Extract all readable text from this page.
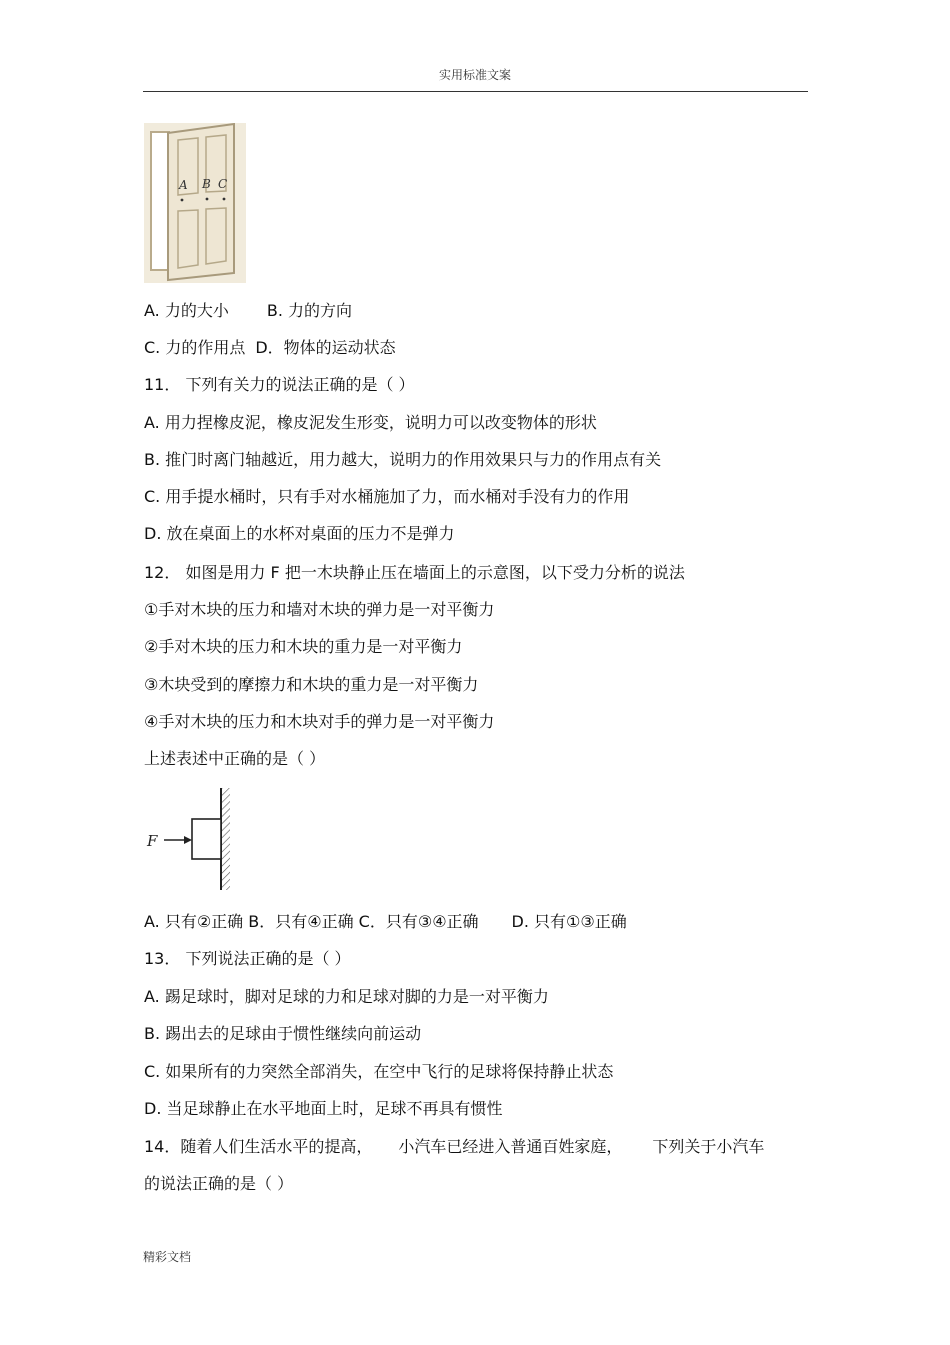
实用标准文案
A B C
A. 力的大小 B. 力的方向
C. 力的作用点 D．物体的运动状态
11． 下列有关力的说法正确的是（ ）
A. 用力捏橡皮泥，橡皮泥发生形变，说明力可以改变物体的形状
B. 推门时离门轴越近，用力越大，说明力的作用效果只与力的作用点有关
C. 用手提水桶时，只有手对水桶施加了力，而水桶对手没有力的作用
D. 放在桌面上的水杯对桌面的压力不是弹力
12． 如图是用力 F 把一木块静止压在墙面上的示意图，以下受力分析的说法
①手对木块的压力和墙对木块的弹力是一对平衡力
②手对木块的压力和木块的重力是一对平衡力
③木块受到的摩擦力和木块的重力是一对平衡力
④手对木块的压力和木块对手的弹力是一对平衡力
上述表述中正确的是（ ）
F
A. 只有②正确 B．只有④正确 C．只有③④正确 D. 只有①③正确
13． 下列说法正确的是（ ）
A. 踢足球时，脚对足球的力和足球对脚的力是一对平衡力
B. 踢出去的足球由于惯性继续向前运动
C. 如果所有的力突然全部消失，在空中飞行的足球将保持静止状态
D. 当足球静止在水平地面上时，足球不再具有惯性
14．随着人们生活水平的提高， 小汽车已经进入普通百姓家庭， 下列关于小汽车
的说法正确的是（ ）
精彩文档
